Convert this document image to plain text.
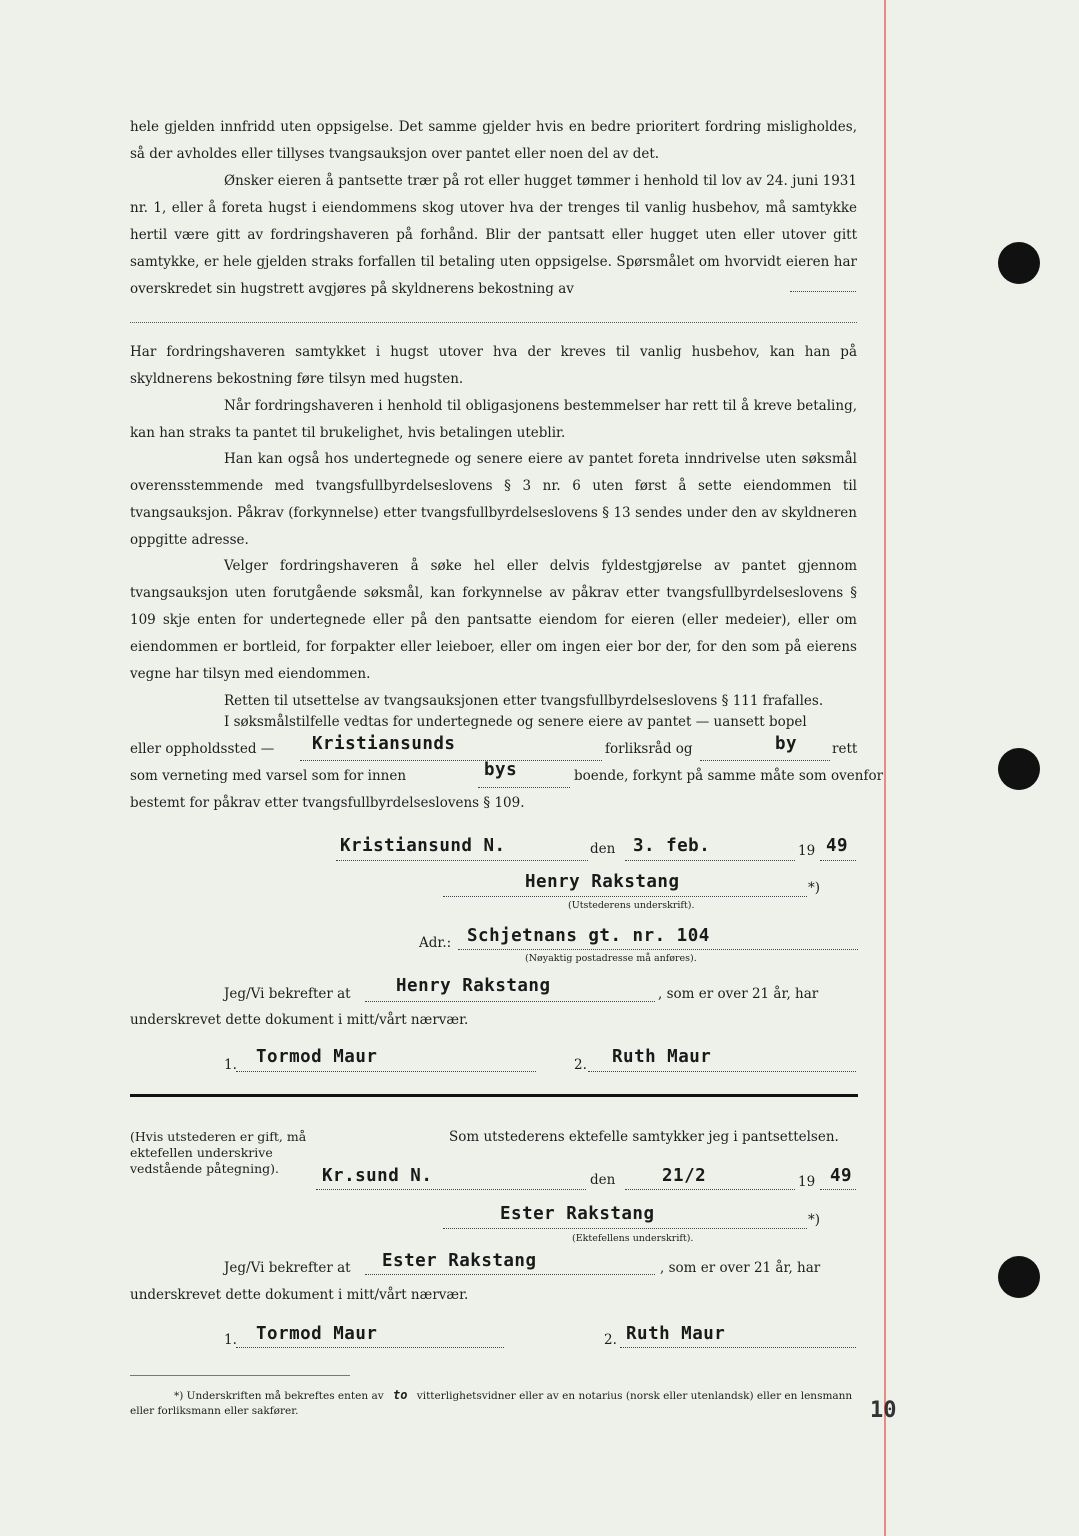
hele gjelden innfridd uten oppsigelse. Det samme gjelder hvis en bedre prioritert fordring misligholdes, så der avholdes eller tillyses tvangsauksjon over pantet eller noen del av det.

Ønsker eieren å pantsette trær på rot eller hugget tømmer i henhold til lov av 24. juni 1931 nr. 1, eller å foreta hugst i eiendommens skog utover hva der trenges til vanlig husbehov, må samtykke hertil være gitt av fordringshaveren på forhånd. Blir der pantsatt eller hugget uten eller utover gitt samtykke, er hele gjelden straks forfallen til betaling uten oppsigelse. Spørsmålet om hvorvidt eieren har overskredet sin hugstrett avgjøres på skyldnerens bekostning av

Har fordringshaveren samtykket i hugst utover hva der kreves til vanlig husbehov, kan han på skyldnerens bekostning føre tilsyn med hugsten.

Når fordringshaveren i henhold til obligasjonens bestemmelser har rett til å kreve betaling, kan han straks ta pantet til brukelighet, hvis betalingen uteblir.

Han kan også hos undertegnede og senere eiere av pantet foreta inndrivelse uten søksmål overensstemmende med tvangsfullbyrdelseslovens § 3 nr. 6 uten først å sette eiendommen til tvangsauksjon. Påkrav (forkynnelse) etter tvangsfullbyrdelseslovens § 13 sendes under den av skyldneren oppgitte adresse.

Velger fordringshaveren å søke hel eller delvis fyldestgjørelse av pantet gjennom tvangsauksjon uten forutgående søksmål, kan forkynnelse av påkrav etter tvangsfullbyrdelseslovens § 109 skje enten for undertegnede eller på den pantsatte eiendom for eieren (eller medeier), eller om eiendommen er bortleid, for forpakter eller leieboer, eller om ingen eier bor der, for den som på eierens vegne har tilsyn med eiendommen.

Retten til utsettelse av tvangsauksjonen etter tvangsfullbyrdelseslovens § 111 frafalles.

I søksmålstilfelle vedtas for undertegnede og senere eiere av pantet — uansett bopel
eller oppholdssted — Kristiansunds	forliksråd og	by	rett
som verneting med varsel som for innen	bys	boende, forkynt på samme måte som ovenfor
bestemt for påkrav etter tvangsfullbyrdelseslovens § 109.
Kristiansund N.	den 3. feb.	19 49
Henry Rakstang	*)
(Utstederens underskrift).
Adr.: Schjetnans gt. nr. 104
(Nøyaktig postadresse må anføres).
Jeg/Vi bekrefter at	Henry Rakstang	, som er over 21 år, har
underskrevet dette dokument i mitt/vårt nærvær.
1. Tormod Maur	2. Ruth Maur
(Hvis utstederen er gift, må ektefellen underskrive vedstående påtegning).
Som utstederens ektefelle samtykker jeg i pantsettelsen.
Kr.sund N.	den	21/2	19 49
Ester Rakstang	*)
(Ektefellens underskrift).
Jeg/Vi bekrefter at Ester Rakstang	, som er over 21 år, har
underskrevet dette dokument i mitt/vårt nærvær.
1. Tormod Maur	2. Ruth Maur
*) Underskriften må bekreftes enten av to vitterlighetsvidner eller av en notarius (norsk eller utenlandsk) eller en lensmann eller forliksmann eller sakfører.	10
